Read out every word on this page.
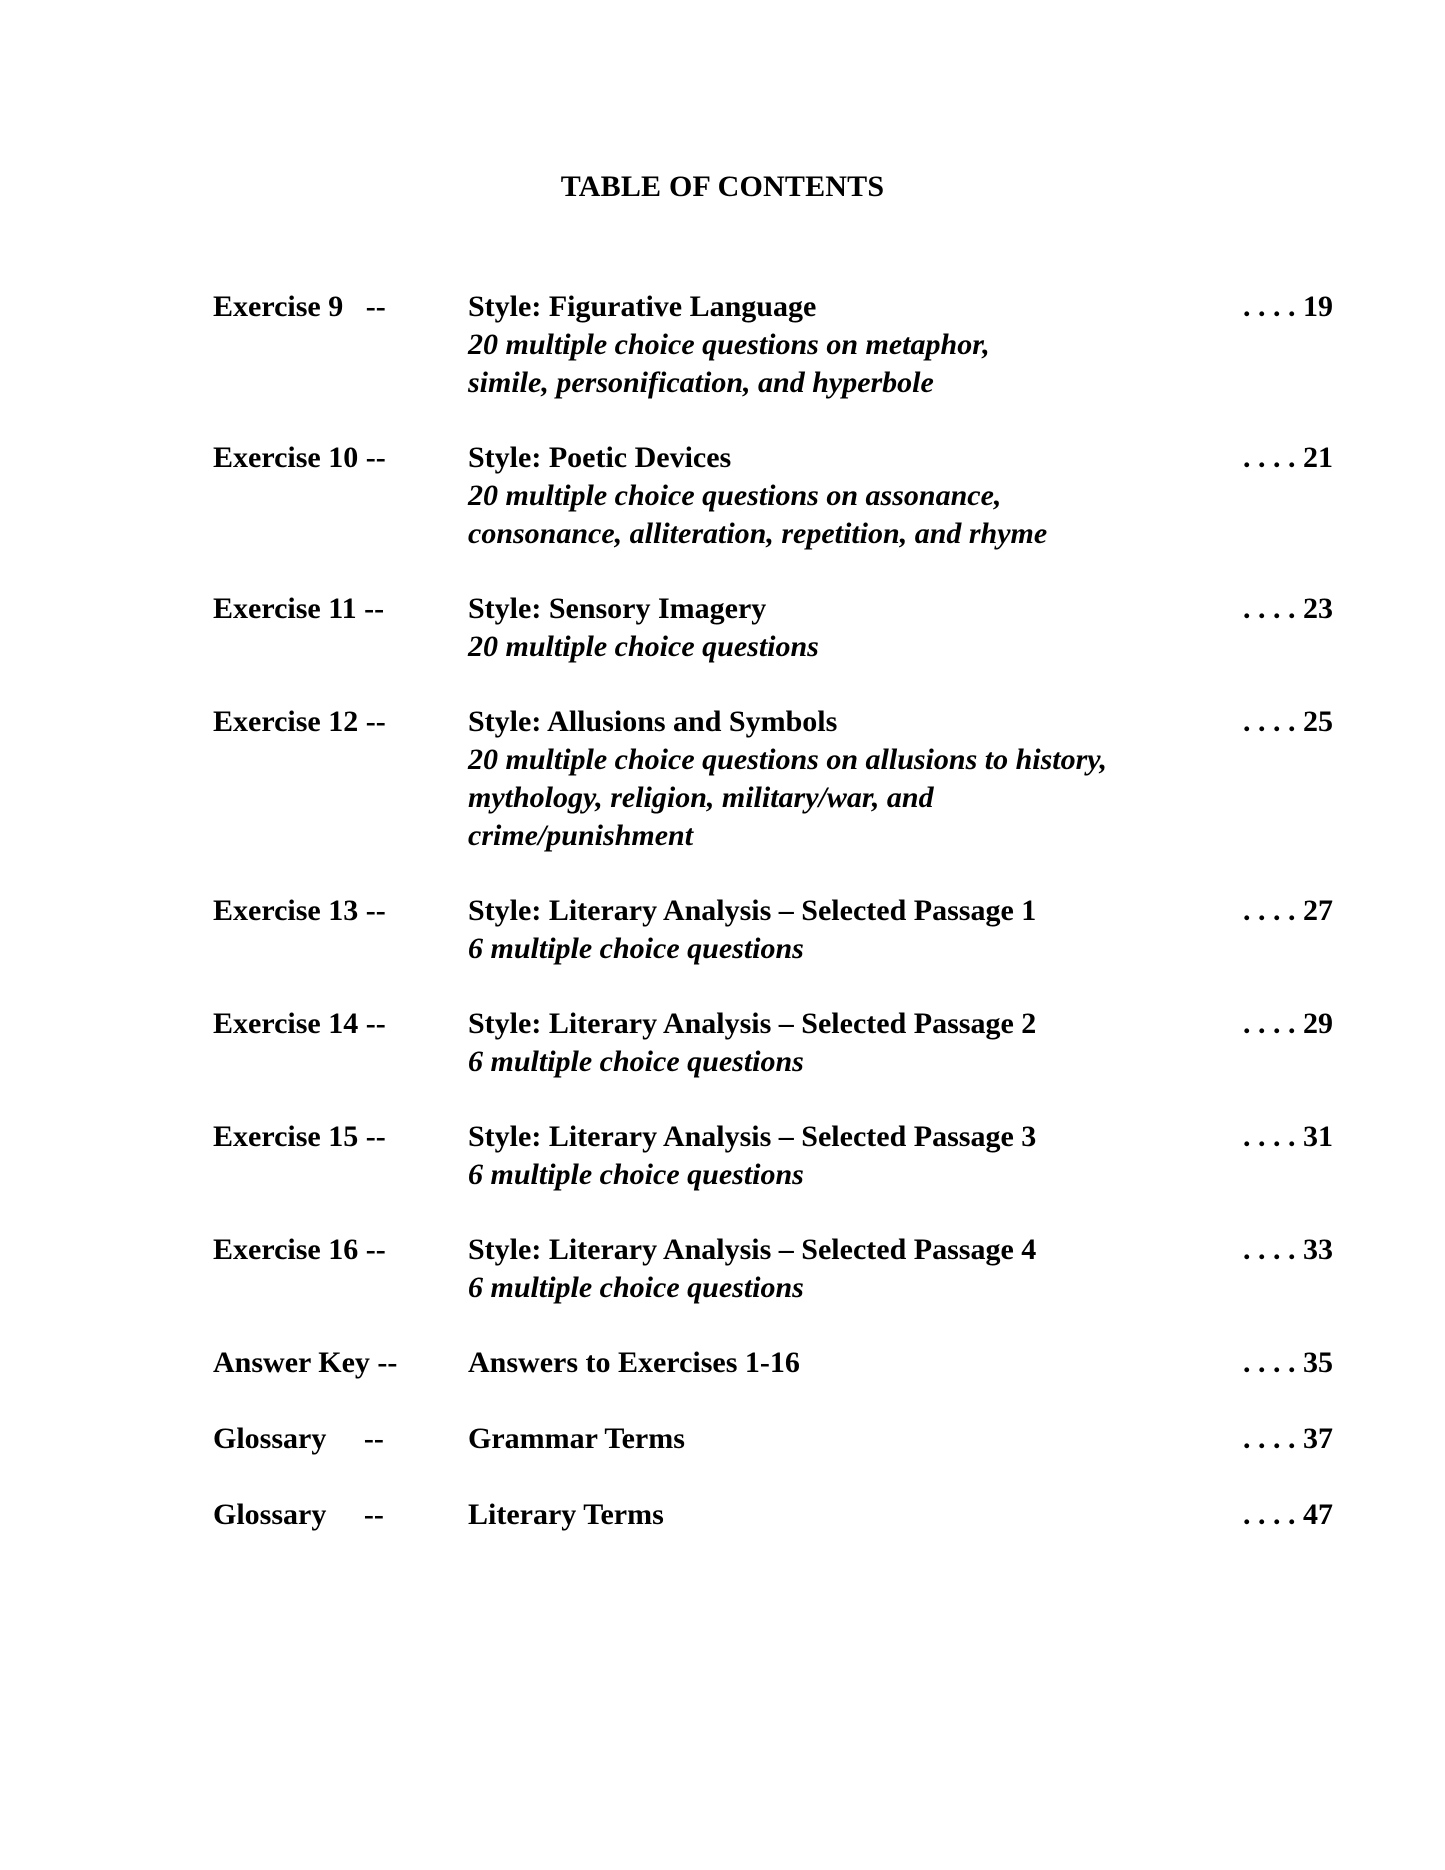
TABLE OF CONTENTS
Exercise 9   --	Style: Figurative Language
20 multiple choice questions on metaphor, simile, personification, and hyperbole
. . . . 19
Exercise 10 --	Style: Poetic Devices
20 multiple choice questions on assonance, consonance, alliteration, repetition, and rhyme
. . . . 21
Exercise 11 --	Style: Sensory Imagery
20 multiple choice questions
. . . . 23
Exercise 12 --	Style: Allusions and Symbols
20 multiple choice questions on allusions to history, mythology, religion, military/war, and crime/punishment
. . . . 25
Exercise 13 --	Style: Literary Analysis – Selected Passage 1
6 multiple choice questions
. . . . 27
Exercise 14 --	Style: Literary Analysis – Selected Passage 2
6 multiple choice questions
. . . . 29
Exercise 15 --	Style: Literary Analysis – Selected Passage 3
6 multiple choice questions
. . . . 31
Exercise 16 --	Style: Literary Analysis – Selected Passage 4
6 multiple choice questions
. . . . 33
Answer Key --	Answers to Exercises 1-16	. . . . 35
Glossary     --	Grammar Terms	. . . . 37
Glossary     --	Literary Terms	. . . . 47
